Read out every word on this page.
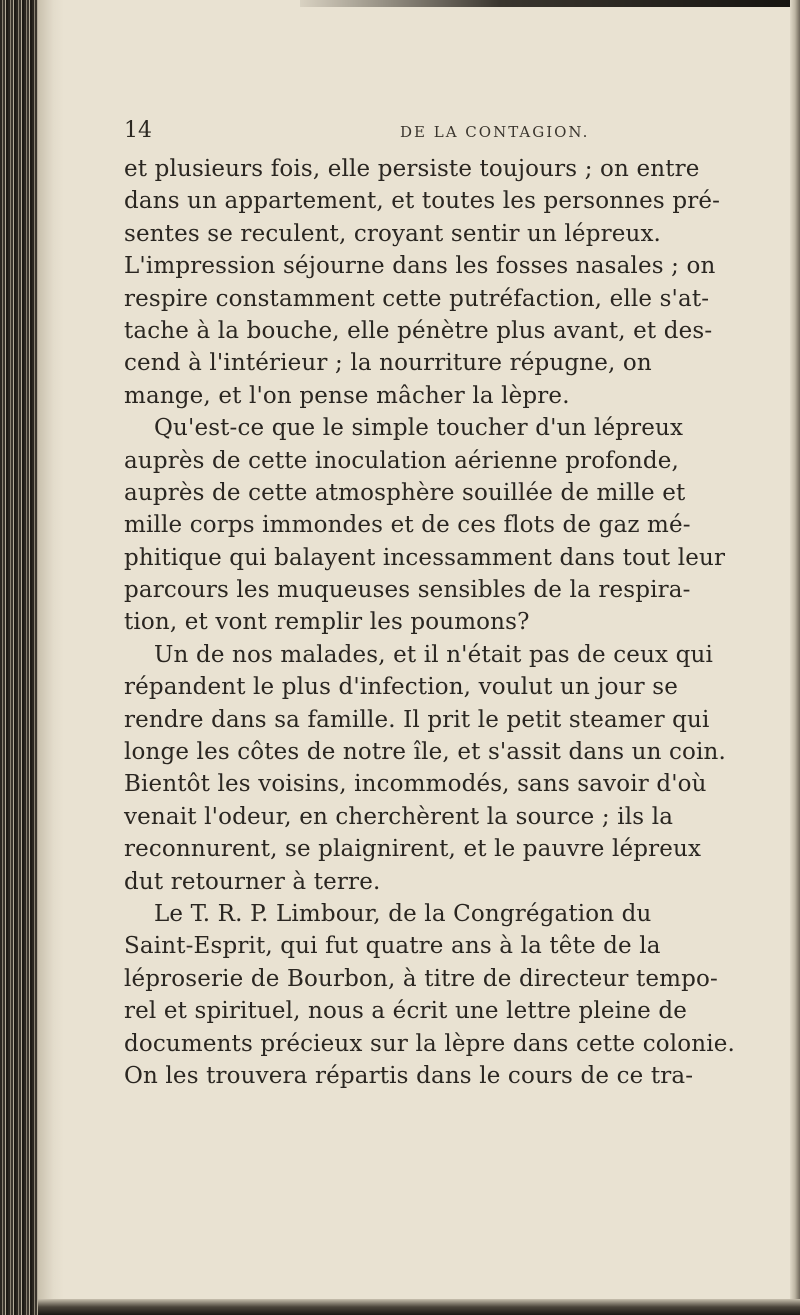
14	DE LA CONTAGION.

et plusieurs fois, elle persiste toujours ; on entre
dans un appartement, et toutes les personnes pré-
sentes se reculent, croyant sentir un lépreux.
L'impression séjourne dans les fosses nasales ; on
respire constamment cette putréfaction, elle s'at-
tache à la bouche, elle pénètre plus avant, et des-
cend à l'intérieur ; la nourriture répugne, on
mange, et l'on pense mâcher la lèpre.
Qu'est-ce que le simple toucher d'un lépreux
auprès de cette inoculation aérienne profonde,
auprès de cette atmosphère souillée de mille et
mille corps immondes et de ces flots de gaz mé-
phitique qui balayent incessamment dans tout leur
parcours les muqueuses sensibles de la respira-
tion, et vont remplir les poumons?
Un de nos malades, et il n'était pas de ceux qui
répandent le plus d'infection, voulut un jour se
rendre dans sa famille. Il prit le petit steamer qui
longe les côtes de notre île, et s'assit dans un coin.
Bientôt les voisins, incommodés, sans savoir d'où
venait l'odeur, en cherchèrent la source ; ils la
reconnurent, se plaignirent, et le pauvre lépreux
dut retourner à terre.
Le T. R. P. Limbour, de la Congrégation du
Saint-Esprit, qui fut quatre ans à la tête de la
léproserie de Bourbon, à titre de directeur tempo-
rel et spirituel, nous a écrit une lettre pleine de
documents précieux sur la lèpre dans cette colonie.
On les trouvera répartis dans le cours de ce tra-
